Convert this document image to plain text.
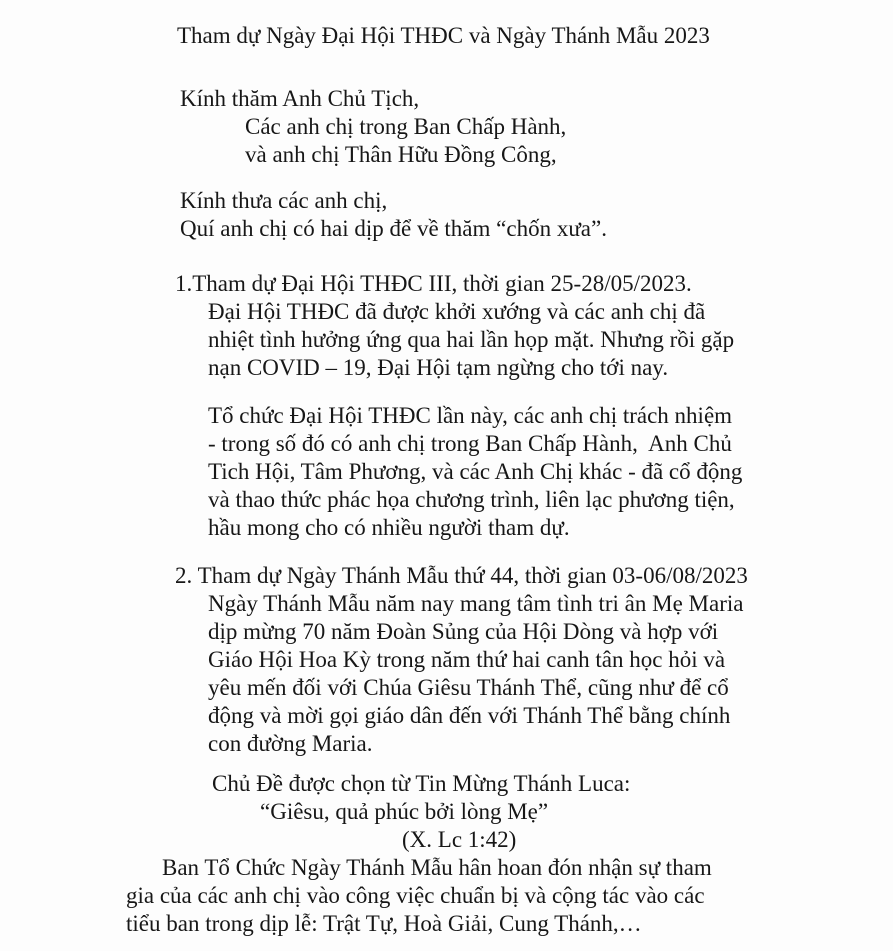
Tham dự Ngày Đại Hội THĐC và Ngày Thánh Mẫu 2023
Kính thăm Anh Chủ Tịch,
Các anh chị trong Ban Chấp Hành,
và anh chị Thân Hữu Đồng Công,
Kính thưa các anh chị,
Quí anh chị có hai dịp để về thăm “chốn xưa”.
1.Tham dự Đại Hội THĐC III, thời gian 25-28/05/2023.
Đại Hội THĐC đã được khởi xướng và các anh chị đã
nhiệt tình hưởng ứng qua hai lần họp mặt. Nhưng rồi gặp
nạn COVID – 19, Đại Hội tạm ngừng cho tới nay.
Tổ chức Đại Hội THĐC lần này, các anh chị trách nhiệm
- trong số đó có anh chị trong Ban Chấp Hành,  Anh Chủ
Tich Hội, Tâm Phương, và các Anh Chị khác - đã cổ động
và thao thức phác họa chương trình, liên lạc phương tiện,
hầu mong cho có nhiều người tham dự.
2. Tham dự Ngày Thánh Mẫu thứ 44, thời gian 03-06/08/2023
Ngày Thánh Mẫu năm nay mang tâm tình tri ân Mẹ Maria
dịp mừng 70 năm Đoàn Sủng của Hội Dòng và hợp với
Giáo Hội Hoa Kỳ trong năm thứ hai canh tân học hỏi và
yêu mến đối với Chúa Giêsu Thánh Thể, cũng như để cổ
động và mời gọi giáo dân đến với Thánh Thể bằng chính
con đường Maria.
Chủ Đề được chọn từ Tin Mừng Thánh Luca:
“Giêsu, quả phúc bởi lòng Mẹ”
(X. Lc 1:42)
Ban Tổ Chức Ngày Thánh Mẫu hân hoan đón nhận sự tham
gia của các anh chị vào công việc chuẩn bị và cộng tác vào các
tiểu ban trong dịp lễ: Trật Tự, Hoà Giải, Cung Thánh,…
